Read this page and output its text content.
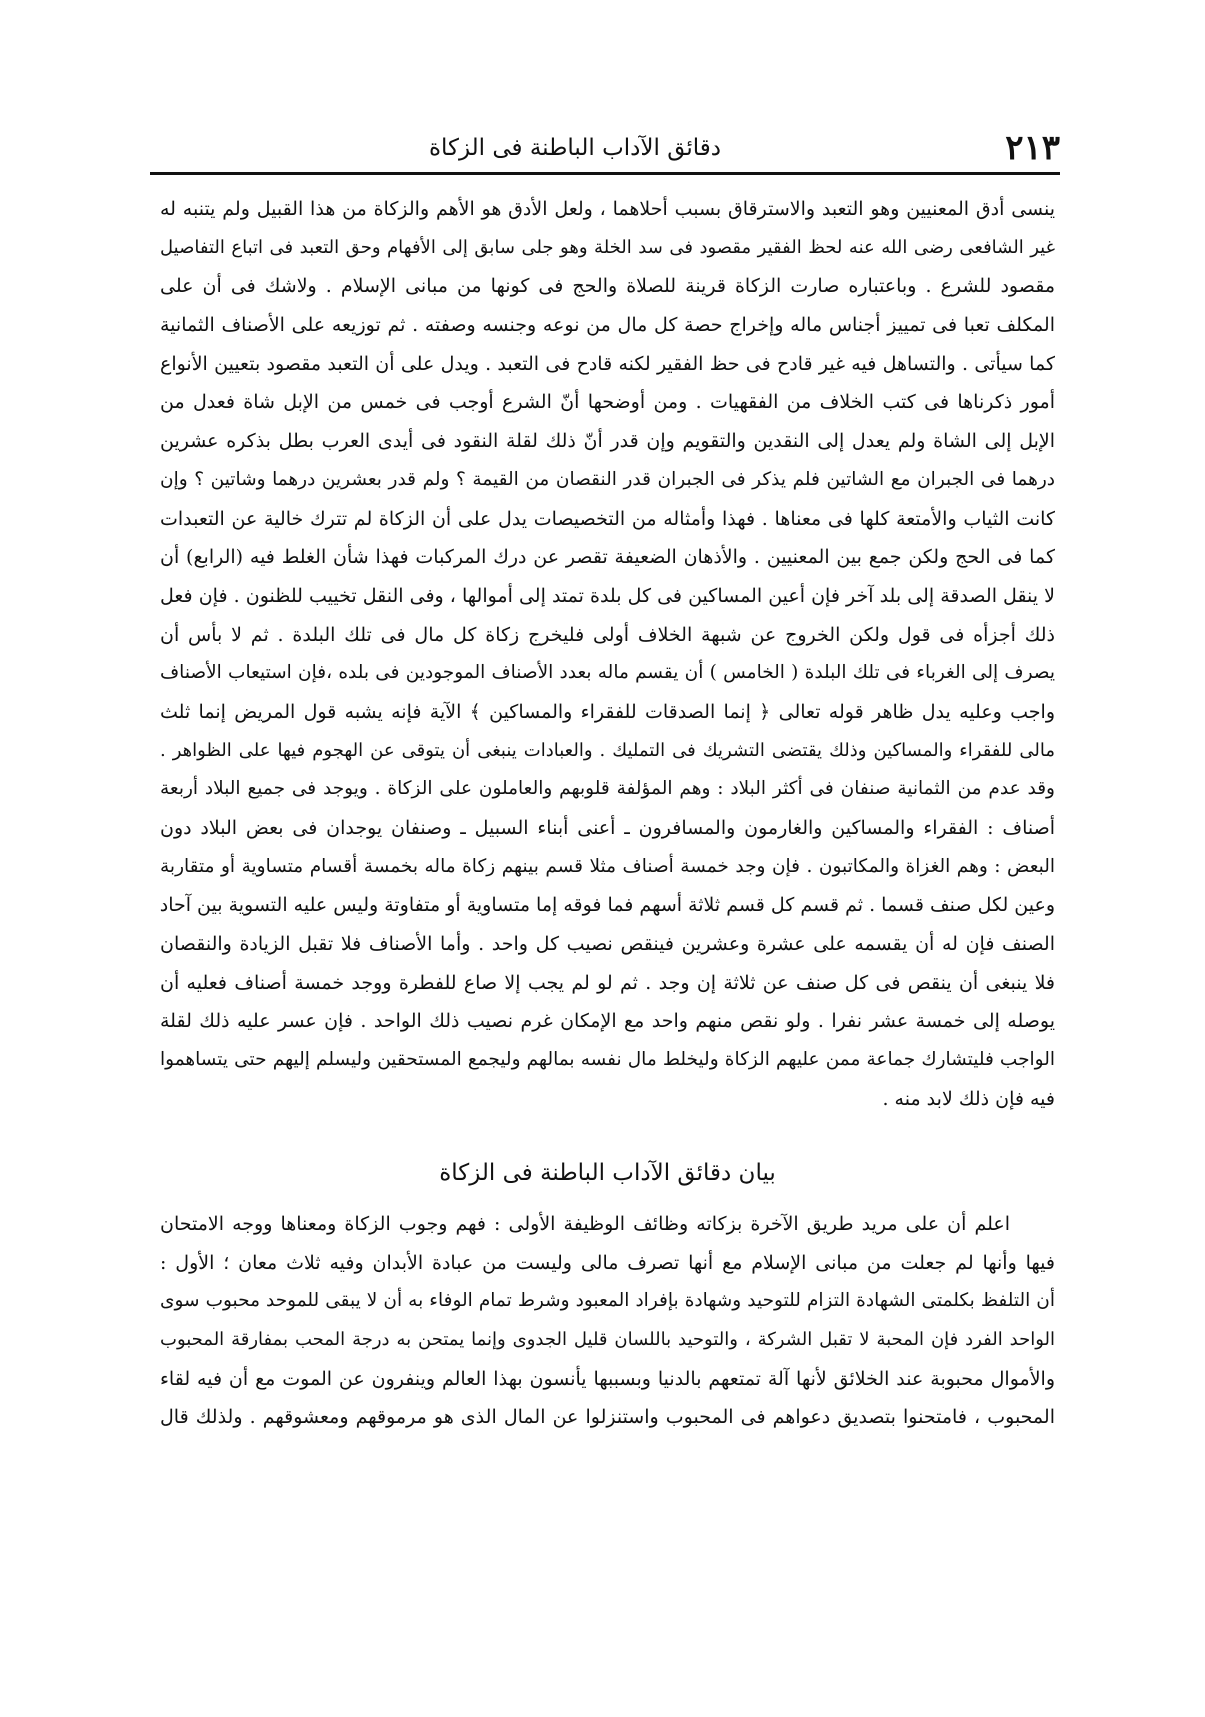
٢١٣
دقائق الآداب الباطنة فى الزكاة
ينسى أدق المعنيين وهو التعبد والاسترقاق بسبب أحلاهما ، ولعل الأدق هو الأهم والزكاة من هذا القبيل ولم يتنبه له
غير الشافعى رضى الله عنه لحظ الفقير مقصود فى سد الخلة وهو جلى سابق إلى الأفهام وحق التعبد فى اتباع التفاصيل
مقصود للشرع . وباعتباره صارت الزكاة قرينة للصلاة والحج فى كونها من مبانى الإسلام . ولاشك فى أن على
المكلف تعبا فى تمييز أجناس ماله وإخراج حصة كل مال من نوعه وجنسه وصفته . ثم توزيعه على الأصناف الثمانية
كما سيأتى . والتساهل فيه غير قادح فى حظ الفقير لكنه قادح فى التعبد . ويدل على أن التعبد مقصود بتعيين الأنواع
أمور ذكرناها فى كتب الخلاف من الفقهيات . ومن أوضحها أنّ الشرع أوجب فى خمس من الإبل شاة فعدل من
الإبل إلى الشاة ولم يعدل إلى النقدين والتقويم وإن قدر أنّ ذلك لقلة النقود فى أيدى العرب بطل بذكره عشرين
درهما فى الجبران مع الشاتين فلم يذكر فى الجبران قدر النقصان من القيمة ؟ ولم قدر بعشرين درهما وشاتين ؟ وإن
كانت الثياب والأمتعة كلها فى معناها . فهذا وأمثاله من التخصيصات يدل على أن الزكاة لم تترك خالية عن التعبدات
كما فى الحج ولكن جمع بين المعنيين . والأذهان الضعيفة تقصر عن درك المركبات فهذا شأن الغلط فيه (الرابع) أن
لا ينقل الصدقة إلى بلد آخر فإن أعين المساكين فى كل بلدة تمتد إلى أموالها ، وفى النقل تخييب للظنون . فإن فعل
ذلك أجزأه فى قول ولكن الخروج عن شبهة الخلاف أولى فليخرج زكاة كل مال فى تلك البلدة . ثم لا بأس أن
يصرف إلى الغرباء فى تلك البلدة ( الخامس ) أن يقسم ماله بعدد الأصناف الموجودين فى بلده ،فإن استيعاب الأصناف
واجب وعليه يدل ظاهر قوله تعالى ﴿ إنما الصدقات للفقراء والمساكين ﴾ الآية فإنه يشبه قول المريض إنما ثلث
مالى للفقراء والمساكين وذلك يقتضى التشريك فى التمليك . والعبادات ينبغى أن يتوقى عن الهجوم فيها على الظواهر .
وقد عدم من الثمانية صنفان فى أكثر البلاد : وهم المؤلفة قلوبهم والعاملون على الزكاة . ويوجد فى جميع البلاد أربعة
أصناف : الفقراء والمساكين والغارمون والمسافرون ـ أعنى أبناء السبيل ـ وصنفان يوجدان فى بعض البلاد دون
البعض : وهم الغزاة والمكاتبون . فإن وجد خمسة أصناف مثلا قسم بينهم زكاة ماله بخمسة أقسام متساوية أو متقاربة
وعين لكل صنف قسما . ثم قسم كل قسم ثلاثة أسهم فما فوقه إما متساوية أو متفاوتة وليس عليه التسوية بين آحاد
الصنف فإن له أن يقسمه على عشرة وعشرين فينقص نصيب كل واحد . وأما الأصناف فلا تقبل الزيادة والنقصان
فلا ينبغى أن ينقص فى كل صنف عن ثلاثة إن وجد . ثم لو لم يجب إلا صاع للفطرة ووجد خمسة أصناف فعليه أن
يوصله إلى خمسة عشر نفرا . ولو نقص منهم واحد مع الإمكان غرم نصيب ذلك الواحد . فإن عسر عليه ذلك لقلة
الواجب فليتشارك جماعة ممن عليهم الزكاة وليخلط مال نفسه بمالهم وليجمع المستحقين وليسلم إليهم حتى يتساهموا
فيه فإن ذلك لابد منه .
بيان دقائق الآداب الباطنة فى الزكاة
اعلم أن على مريد طريق الآخرة بزكاته وظائف الوظيفة الأولى : فهم وجوب الزكاة ومعناها ووجه الامتحان
فيها وأنها لم جعلت من مبانى الإسلام مع أنها تصرف مالى وليست من عبادة الأبدان وفيه ثلاث معان ؛ الأول :
أن التلفظ بكلمتى الشهادة التزام للتوحيد وشهادة بإفراد المعبود وشرط تمام الوفاء به أن لا يبقى للموحد محبوب سوى
الواحد الفرد فإن المحبة لا تقبل الشركة ، والتوحيد باللسان قليل الجدوى وإنما يمتحن به درجة المحب بمفارقة المحبوب
والأموال محبوبة عند الخلائق لأنها آلة تمتعهم بالدنيا وبسببها يأنسون بهذا العالم وينفرون عن الموت مع أن فيه لقاء
المحبوب ، فامتحنوا بتصديق دعواهم فى المحبوب واستنزلوا عن المال الذى هو مرموقهم ومعشوقهم . ولذلك قال
